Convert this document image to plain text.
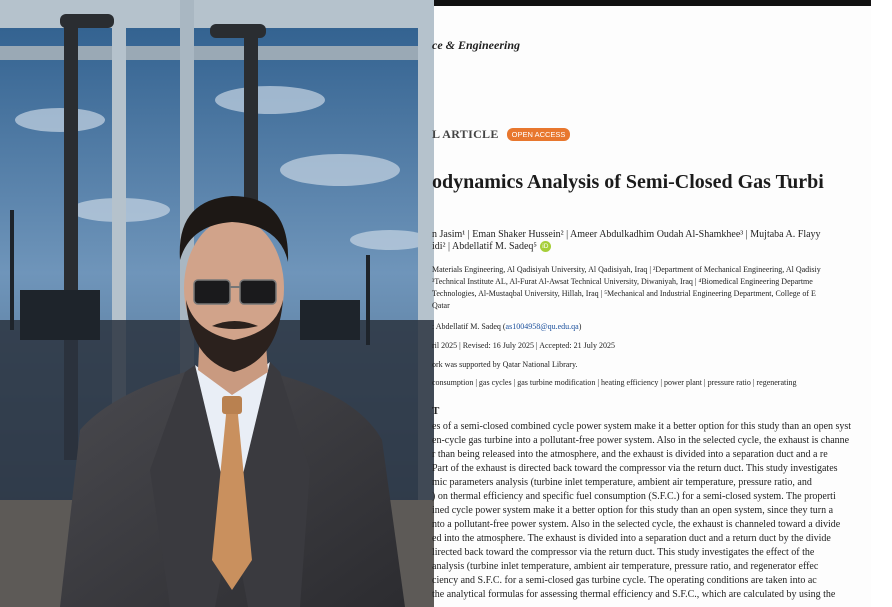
ce & Engineering
L ARTICLE	OPEN ACCESS
odynamics Analysis of Semi-Closed Gas Turbi
n Jasim¹ | Eman Shaker Hussein² | Ameer Abdulkadhim Oudah Al-Shamkhee³ | Mujtaba A. Flayy
idi² | Abdellatif M. Sadeq⁵ iD
Materials Engineering, Al Qadisiyah University, Al Qadisiyah, Iraq | ²Department of Mechanical Engineering, Al Qadisiy
³Technical Institute AL, Al-Furat Al-Awsat Technical University, Diwaniyah, Iraq | ⁴Biomedical Engineering Departme
Technologies, Al-Mustaqbal University, Hillah, Iraq | ⁵Mechanical and Industrial Engineering Department, College of E
Qatar
: Abdellatif M. Sadeq (as1004958@qu.edu.qa)
ril 2025 | Revised: 16 July 2025 | Accepted: 21 July 2025
ork was supported by Qatar National Library.
consumption | gas cycles | gas turbine modification | heating efficiency | power plant | pressure ratio | regenerating
T
es of a semi-closed combined cycle power system make it a better option for this study than an open syst
en-cycle gas turbine into a pollutant-free power system. Also in the selected cycle, the exhaust is channe
r than being released into the atmosphere, and the exhaust is divided into a separation duct and a re
Part of the exhaust is directed back toward the compressor via the return duct. This study investigates
mic parameters analysis (turbine inlet temperature, ambient air temperature, pressure ratio, and
) on thermal efficiency and specific fuel consumption (S.F.C.) for a semi-closed system. The properti
ined cycle power system make it a better option for this study than an open system, since they turn a
nto a pollutant-free power system. Also in the selected cycle, the exhaust is channeled toward a divide
ed into the atmosphere. The exhaust is divided into a separation duct and a return duct by the divide
lirected back toward the compressor via the return duct. This study investigates the effect of the
analysis (turbine inlet temperature, ambient air temperature, pressure ratio, and regenerator effec
ciency and S.F.C. for a semi-closed gas turbine cycle. The operating conditions are taken into ac
the analytical formulas for assessing thermal efficiency and S.F.C., which are calculated by using the
